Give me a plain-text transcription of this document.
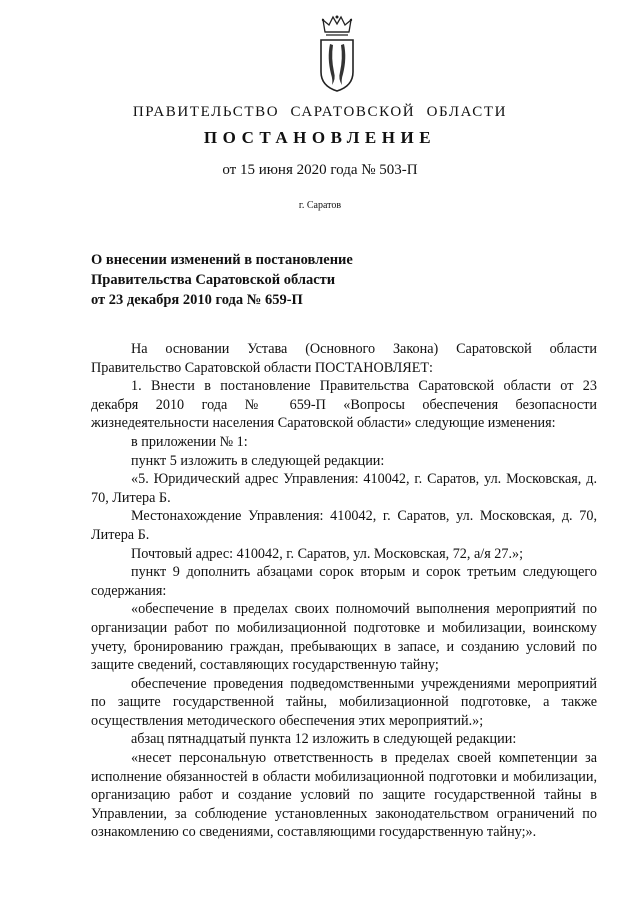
ПРАВИТЕЛЬСТВО САРАТОВСКОЙ ОБЛАСТИ
ПОСТАНОВЛЕНИЕ
от 15 июня 2020 года № 503-П
г. Саратов
О внесении изменений в постановление
Правительства Саратовской области
от 23 декабря 2010 года № 659-П

На основании Устава (Основного Закона) Саратовской области Правительство Саратовской области ПОСТАНОВЛЯЕТ:

1. Внести в постановление Правительства Саратовской области от 23 декабря 2010 года № 659-П «Вопросы обеспечения безопасности жизнедеятельности населения Саратовской области» следующие изменения:

в приложении № 1:

пункт 5 изложить в следующей редакции:

«5. Юридический адрес Управления: 410042, г. Саратов, ул. Московская, д. 70, Литера Б.

Местонахождение Управления: 410042, г. Саратов, ул. Московская, д. 70, Литера Б.

Почтовый адрес: 410042, г. Саратов, ул. Московская, 72, а/я 27.»;

пункт 9 дополнить абзацами сорок вторым и сорок третьим следующего содержания:

«обеспечение в пределах своих полномочий выполнения мероприятий по организации работ по мобилизационной подготовке и мобилизации, воинскому учету, бронированию граждан, пребывающих в запасе, и созданию условий по защите сведений, составляющих государственную тайну;

обеспечение проведения подведомственными учреждениями мероприятий по защите государственной тайны, мобилизационной подготовке, а также осуществления методического обеспечения этих мероприятий.»;

абзац пятнадцатый пункта 12 изложить в следующей редакции:

«несет персональную ответственность в пределах своей компетенции за исполнение обязанностей в области мобилизационной подготовки и мобилизации, организацию работ и создание условий по защите государственной тайны в Управлении, за соблюдение установленных законодательством ограничений по ознакомлению со сведениями, составляющими государственную тайну;».
